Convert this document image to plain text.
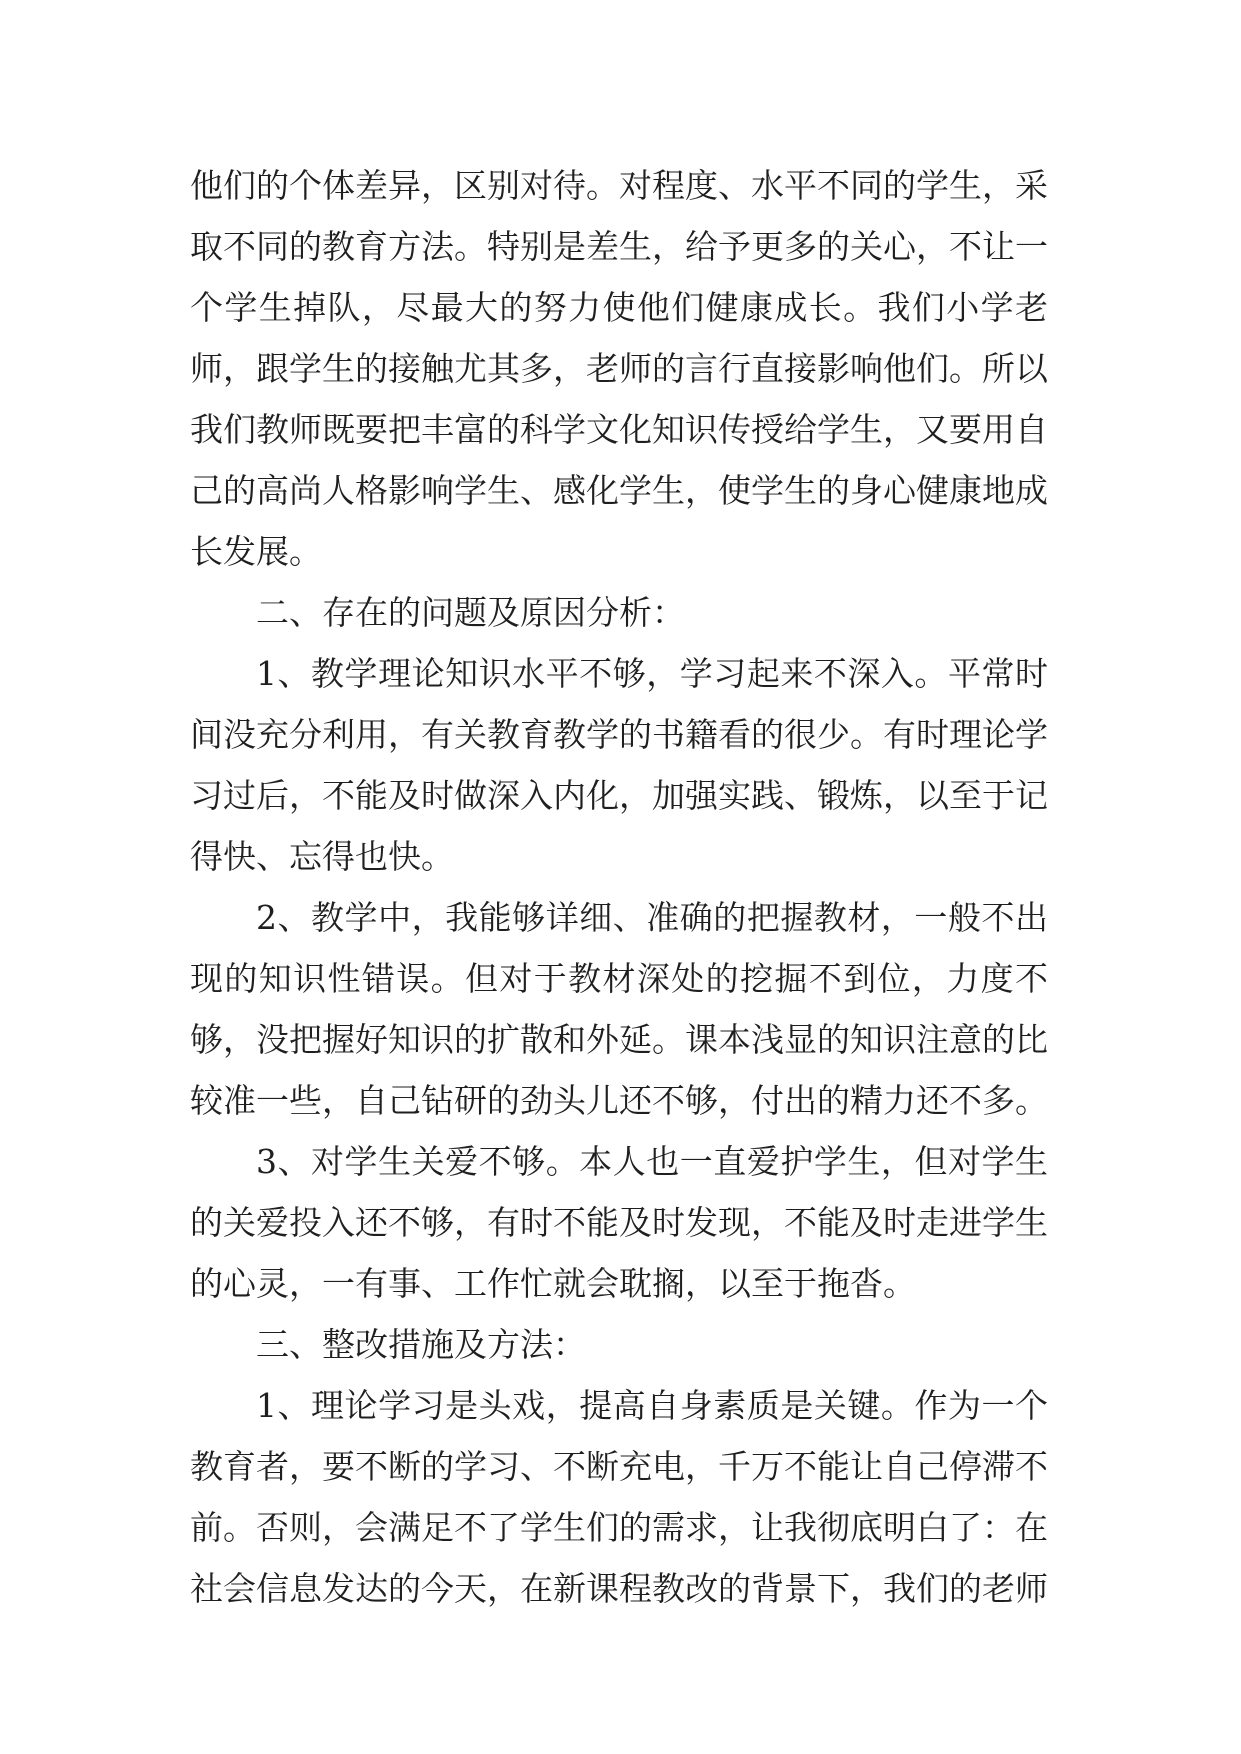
他们的个体差异，区别对待。对程度、水平不同的学生，采取不同的教育方法。特别是差生，给予更多的关心，不让一个学生掉队，尽最大的努力使他们健康成长。我们小学老师，跟学生的接触尤其多，老师的言行直接影响他们。所以我们教师既要把丰富的科学文化知识传授给学生，又要用自己的高尚人格影响学生、感化学生，使学生的身心健康地成长发展。

二、存在的问题及原因分析：

1、教学理论知识水平不够，学习起来不深入。平常时间没充分利用，有关教育教学的书籍看的很少。有时理论学习过后，不能及时做深入内化，加强实践、锻炼，以至于记得快、忘得也快。

2、教学中，我能够详细、准确的把握教材，一般不出现的知识性错误。但对于教材深处的挖掘不到位，力度不够，没把握好知识的扩散和外延。课本浅显的知识注意的比较准一些，自己钻研的劲头儿还不够，付出的精力还不多。

3、对学生关爱不够。本人也一直爱护学生，但对学生的关爱投入还不够，有时不能及时发现，不能及时走进学生的心灵，一有事、工作忙就会耽搁，以至于拖沓。

三、整改措施及方法：

1、理论学习是头戏，提高自身素质是关键。作为一个教育者，要不断的学习、不断充电，千万不能让自己停滞不前。否则，会满足不了学生们的需求，让我彻底明白了：在社会信息发达的今天，在新课程教改的背景下，我们的老师
